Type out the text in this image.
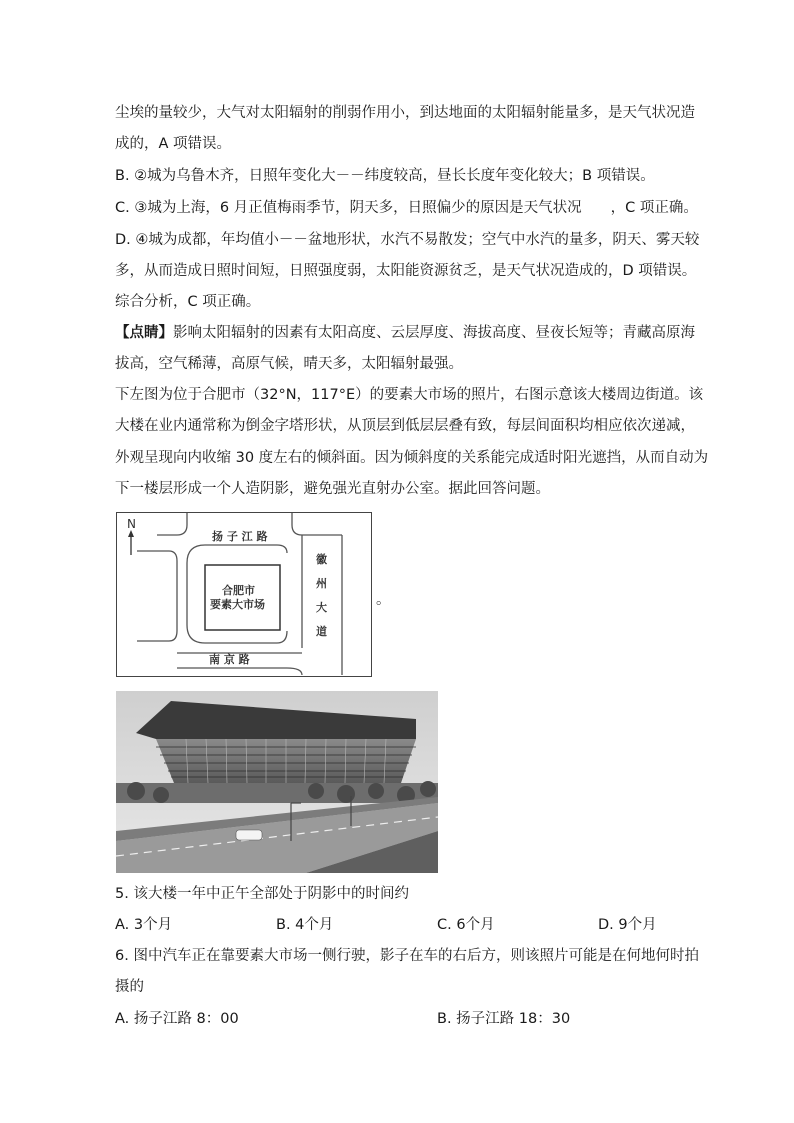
尘埃的量较少，大气对太阳辐射的削弱作用小，到达地面的太阳辐射能量多，是天气状况造
成的，A 项错误。
B. ②城为乌鲁木齐，日照年变化大－－纬度较高，昼长长度年变化较大；B 项错误。
C. ③城为上海，6 月正值梅雨季节，阴天多，日照偏少的原因是天气状况　　，C 项正确。
D. ④城为成都，年均值小－－盆地形状，水汽不易散发；空气中水汽的量多，阴天、雾天较
多，从而造成日照时间短，日照强度弱，太阳能资源贫乏，是天气状况造成的，D 项错误。
综合分析，C 项正确。
【点睛】影响太阳辐射的因素有太阳高度、云层厚度、海拔高度、昼夜长短等；青藏高原海
拔高，空气稀薄，高原气候，晴天多，太阳辐射最强。
下左图为位于合肥市（32°N，117°E）的要素大市场的照片，右图示意该大楼周边街道。该
大楼在业内通常称为倒金字塔形状，从顶层到低层层叠有致，每层间面积均相应依次递减，
外观呈现向内收缩 30 度左右的倾斜面。因为倾斜度的关系能完成适时阳光遮挡，从而自动为
下一楼层形成一个人造阴影，避免强光直射办公室。据此回答问题。
N
扬 子 江 路
合肥市
要素大市场
徽
州
大
道
南 京 路
。
5. 该大楼一年中正午全部处于阴影中的时间约
A. 3个月	B. 4个月	C. 6个月	D. 9个月
6. 图中汽车正在靠要素大市场一侧行驶，影子在车的右后方，则该照片可能是在何地何时拍
摄的
A. 扬子江路 8：00	B. 扬子江路 18：30
